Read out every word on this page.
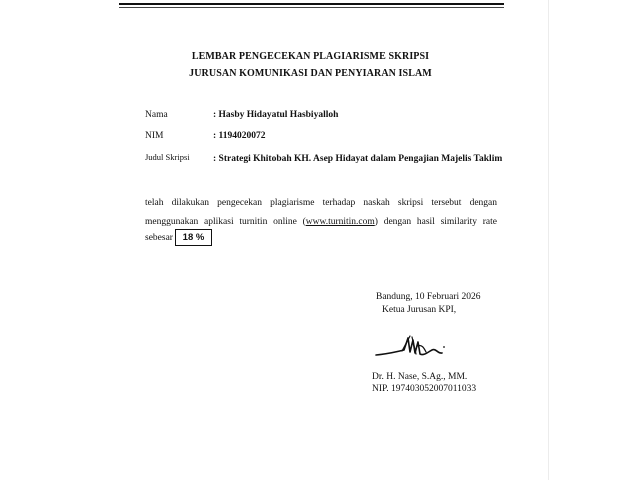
LEMBAR PENGECEKAN PLAGIARISME SKRIPSI
JURUSAN KOMUNIKASI DAN PENYIARAN ISLAM
Nama	: Hasby Hidayatul Hasbiyalloh
NIM	: 1194020072
Judul Skripsi : Strategi Khitobah KH. Asep Hidayat dalam Pengajian Majelis Taklim
telah dilakukan pengecekan plagiarisme terhadap naskah skripsi tersebut dengan
menggunakan aplikasi turnitin online (www.turnitin.com) dengan hasil similarity rate
sebesar	18 %
Bandung, 10 Februari 2026
Ketua Jurusan KPI,
Dr. H. Nase, S.Ag., MM.
NIP. 197403052007011033
